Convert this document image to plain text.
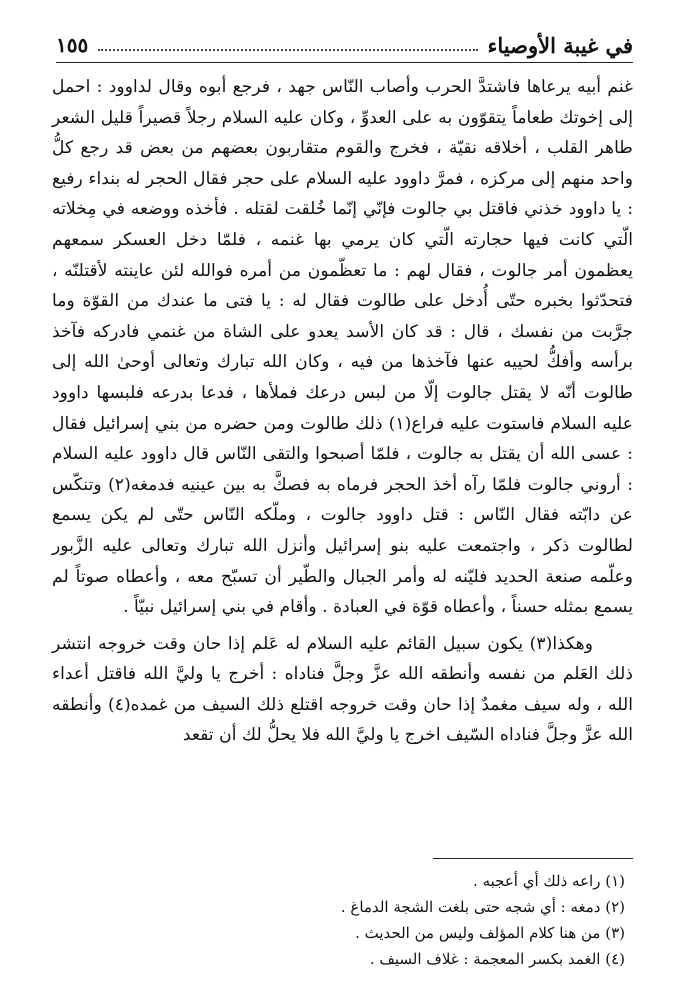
في غيبة الأوصياء
١٥٥

غنم أبيه يرعاها فاشتدَّ الحرب وأصاب النّاس جهد ، فرجع أبوه وقال لداوود : احمل إلى إخوتك طعاماً يتقوّون به على العدوِّ ، وكان عليه السلام رجلاً قصيراً قليل الشعر طاهر القلب ، أخلاقه نقيّة ، فخرج والقوم متقاربون بعضهم من بعض قد رجع كلُّ واحد منهم إلى مركزه ، فمرَّ داوود عليه السلام على حجر فقال الحجر له بنداء رفيع : يا داوود خذني فاقتل بي جالوت فإنّي إنّما خُلقت لقتله . فأخذه ووضعه في مِخلاته الّتي كانت فيها حجارته الّتي كان يرمي بها غنمه ، فلمّا دخل العسكر سمعهم يعظمون أمر جالوت ، فقال لهم : ما تعظّمون من أمره فوالله لئن عاينته لأقتلنّه ، فتحدّثوا بخبره حتّى أُدخل على طالوت فقال له : يا فتى ما عندك من القوّة وما جرَّبت من نفسك ، قال : قد كان الأسد يعدو على الشاة من غنمي فادركه فآخذ برأسه وأفكُّ لحييه عنها فآخذها من فيه ، وكان الله تبارك وتعالى أوحىٰ الله إلى طالوت أنّه لا يقتل جالوت إلّا من لبس درعك فملأها ، فدعا بدرعه فلبسها داوود عليه السلام فاستوت عليه فراع(١) ذلك طالوت ومن حضره من بني إسرائيل فقال : عسى الله أن يقتل به جالوت ، فلمّا أصبحوا والتقى النّاس قال داوود عليه السلام : أروني جالوت فلمّا رآه أخذ الحجر فرماه به فصكَّ به بين عينيه فدمغه(٢) وتنكّس عن دابّته فقال النّاس : قتل داوود جالوت ، وملّكه النّاس حتّى لم يكن يسمع لطالوت ذكر ، واجتمعت عليه بنو إسرائيل وأنزل الله تبارك وتعالى عليه الزَّبور وعلّمه صنعة الحديد فليّنه له وأمر الجبال والطّير أن تسبّح معه ، وأعطاه صوتاً لم يسمع بمثله حسناً ، وأعطاه قوّة في العبادة . وأقام في بني إسرائيل نبيّاً .

وهكذا(٣) يكون سبيل القائم عليه السلام له عَلم إذا حان وقت خروجه انتشر ذلك العَلم من نفسه وأنطقه الله عزَّ وجلَّ فناداه : أخرج يا وليَّ الله فاقتل أعداء الله ، وله سيف مغمدٌ إذا حان وقت خروجه اقتلع ذلك السيف من غمده(٤) وأنطقه الله عزَّ وجلَّ فناداه السّيف اخرج يا وليَّ الله فلا يحلُّ لك أن تقعد

(١) راعه ذلك أي أعجبه .
(٢) دمغه : أي شجه حتى بلغت الشجة الدماغ .
(٣) من هنا كلام المؤلف وليس من الحديث .
(٤) الغمد بكسر المعجمة : غلاف السيف .
